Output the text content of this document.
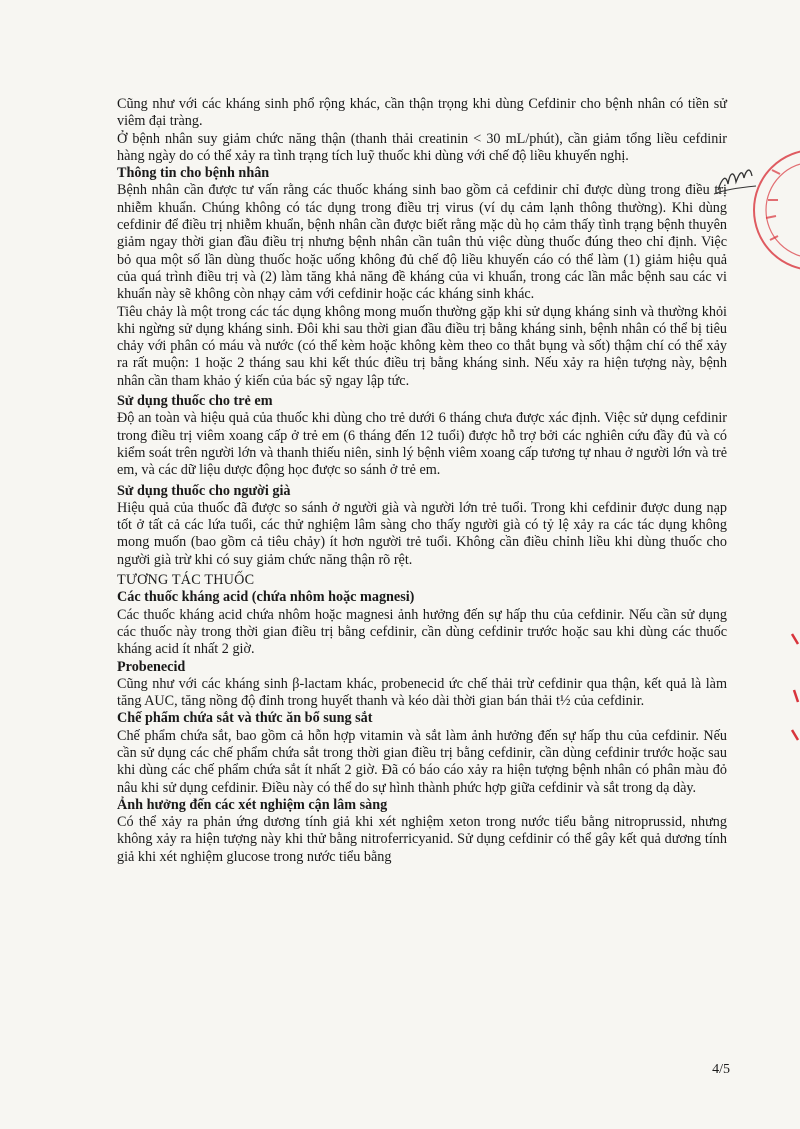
Cũng như với các kháng sinh phổ rộng khác, cần thận trọng khi dùng Cefdinir cho bệnh nhân có tiền sử viêm đại tràng.

Ở bệnh nhân suy giảm chức năng thận (thanh thải creatinin < 30 mL/phút), cần giảm tổng liều cefdinir hàng ngày do có thể xảy ra tình trạng tích luỹ thuốc khi dùng với chế độ liều khuyến nghị.

Thông tin cho bệnh nhân

Bệnh nhân cần được tư vấn rằng các thuốc kháng sinh bao gồm cả cefdinir chỉ được dùng trong điều trị nhiễm khuẩn. Chúng không có tác dụng trong điều trị virus (ví dụ cảm lạnh thông thường). Khi dùng cefdinir để điều trị nhiễm khuẩn, bệnh nhân cần được biết rằng mặc dù họ cảm thấy tình trạng bệnh thuyên giảm ngay thời gian đầu điều trị nhưng bệnh nhân cần tuân thủ việc dùng thuốc đúng theo chỉ định. Việc bỏ qua một số lần dùng thuốc hoặc uống không đủ chế độ liều khuyến cáo có thể làm (1) giảm hiệu quả của quá trình điều trị và (2) làm tăng khả năng đề kháng của vi khuẩn, trong các lần mắc bệnh sau các vi khuẩn này sẽ không còn nhạy cảm với cefdinir hoặc các kháng sinh khác.

Tiêu chảy là một trong các tác dụng không mong muốn thường gặp khi sử dụng kháng sinh và thường khỏi khi ngừng sử dụng kháng sinh. Đôi khi sau thời gian đầu điều trị bằng kháng sinh, bệnh nhân có thể bị tiêu chảy với phân có máu và nước (có thể kèm hoặc không kèm theo co thắt bụng và sốt) thậm chí có thể xảy ra rất muộn: 1 hoặc 2 tháng sau khi kết thúc điều trị bằng kháng sinh. Nếu xảy ra hiện tượng này, bệnh nhân cần tham khảo ý kiến của bác sỹ ngay lập tức.

Sử dụng thuốc cho trẻ em

Độ an toàn và hiệu quả của thuốc khi dùng cho trẻ dưới 6 tháng chưa được xác định. Việc sử dụng cefdinir trong điều trị viêm xoang cấp ở trẻ em (6 tháng đến 12 tuổi) được hỗ trợ bởi các nghiên cứu đầy đủ và có kiểm soát trên người lớn và thanh thiếu niên, sinh lý bệnh viêm xoang cấp tương tự nhau ở người lớn và trẻ em, và các dữ liệu dược động học được so sánh ở trẻ em.

Sử dụng thuốc cho người già

Hiệu quả của thuốc đã được so sánh ở người già và người lớn trẻ tuổi. Trong khi cefdinir được dung nạp tốt ở tất cả các lứa tuổi, các thử nghiệm lâm sàng cho thấy người già có tỷ lệ xảy ra các tác dụng không mong muốn (bao gồm cả tiêu chảy) ít hơn người trẻ tuổi. Không cần điều chỉnh liều khi dùng thuốc cho người già trừ khi có suy giảm chức năng thận rõ rệt.

TƯƠNG TÁC THUỐC

Các thuốc kháng acid (chứa nhôm hoặc magnesi)

Các thuốc kháng acid chứa nhôm hoặc magnesi ảnh hưởng đến sự hấp thu của cefdinir. Nếu cần sử dụng các thuốc này trong thời gian điều trị bằng cefdinir, cần dùng cefdinir trước hoặc sau khi dùng các thuốc kháng acid ít nhất 2 giờ.

Probenecid

Cũng như với các kháng sinh β-lactam khác, probenecid ức chế thải trừ cefdinir qua thận, kết quả là làm tăng AUC, tăng nồng độ đỉnh trong huyết thanh và kéo dài thời gian bán thải t½ của cefdinir.

Chế phẩm chứa sắt và thức ăn bổ sung sắt

Chế phẩm chứa sắt, bao gồm cả hỗn hợp vitamin và sắt làm ảnh hưởng đến sự hấp thu của cefdinir. Nếu cần sử dụng các chế phẩm chứa sắt trong thời gian điều trị bằng cefdinir, cần dùng cefdinir trước hoặc sau khi dùng các chế phẩm chứa sắt ít nhất 2 giờ. Đã có báo cáo xảy ra hiện tượng bệnh nhân có phân màu đỏ nâu khi sử dụng cefdinir. Điều này có thể do sự hình thành phức hợp giữa cefdinir và sắt trong dạ dày.

Ảnh hưởng đến các xét nghiệm cận lâm sàng

Có thể xảy ra phản ứng dương tính giả khi xét nghiệm xeton trong nước tiểu bằng nitroprussid, nhưng không xảy ra hiện tượng này khi thử bằng nitroferricyanid. Sử dụng cefdinir có thể gây kết quả dương tính giả khi xét nghiệm glucose trong nước tiểu bằng

4/5
